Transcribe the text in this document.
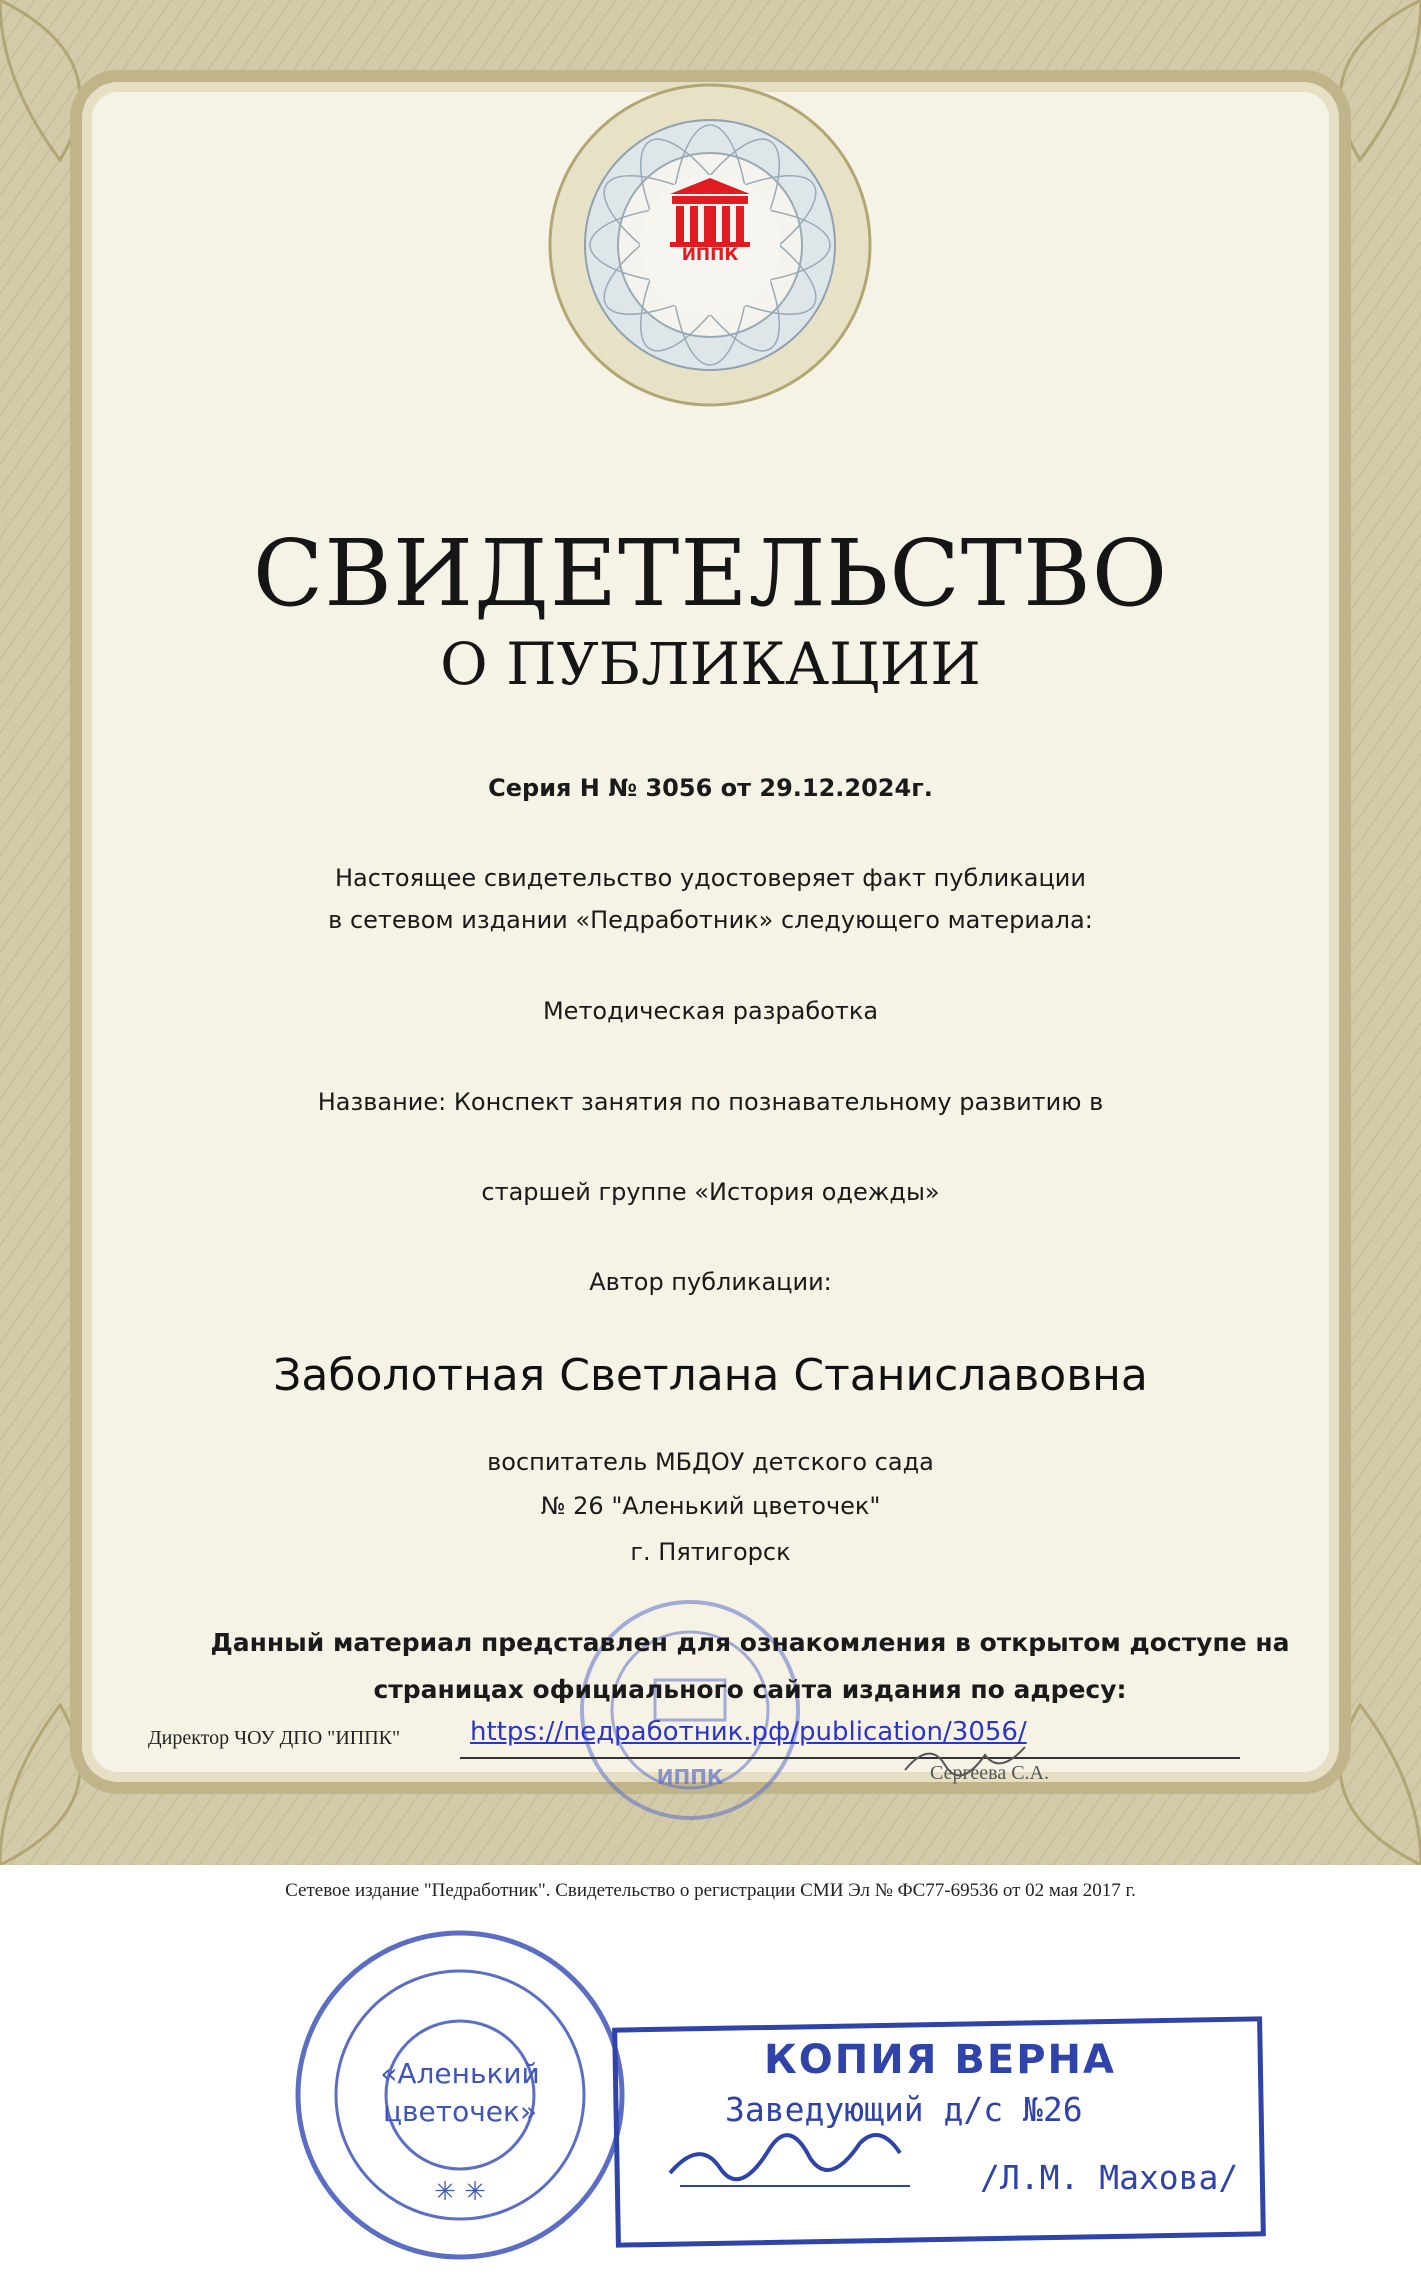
ИППК
СВИДЕТЕЛЬСТВО
О ПУБЛИКАЦИИ
Серия Н № 3056 от 29.12.2024г.
Настоящее свидетельство удостоверяет факт публикации
в сетевом издании «Педработник» следующего материала:
Методическая разработка
Название: Конспект занятия по познавательному развитию в
старшей группе «История одежды»
Автор публикации:
Заболотная Светлана Станиславовна
воспитатель МБДОУ детского сада
№ 26 "Аленький цветочек"
г. Пятигорск
ИППК
Данный материал представлен для ознакомления в открытом доступе на
страницах официального сайта издания по адресу:
https://педработник.рф/publication/3056/
Директор ЧОУ ДПО "ИППК"
Сергеева С.А.
Сетевое издание "Педработник". Свидетельство о регистрации СМИ Эл № ФС77-69536 от 02 мая 2017 г.
✳ ✳
«Аленький
цветочек»
КОПИЯ ВЕРНА
Заведующий д/с №26
/Л.М. Махова/
